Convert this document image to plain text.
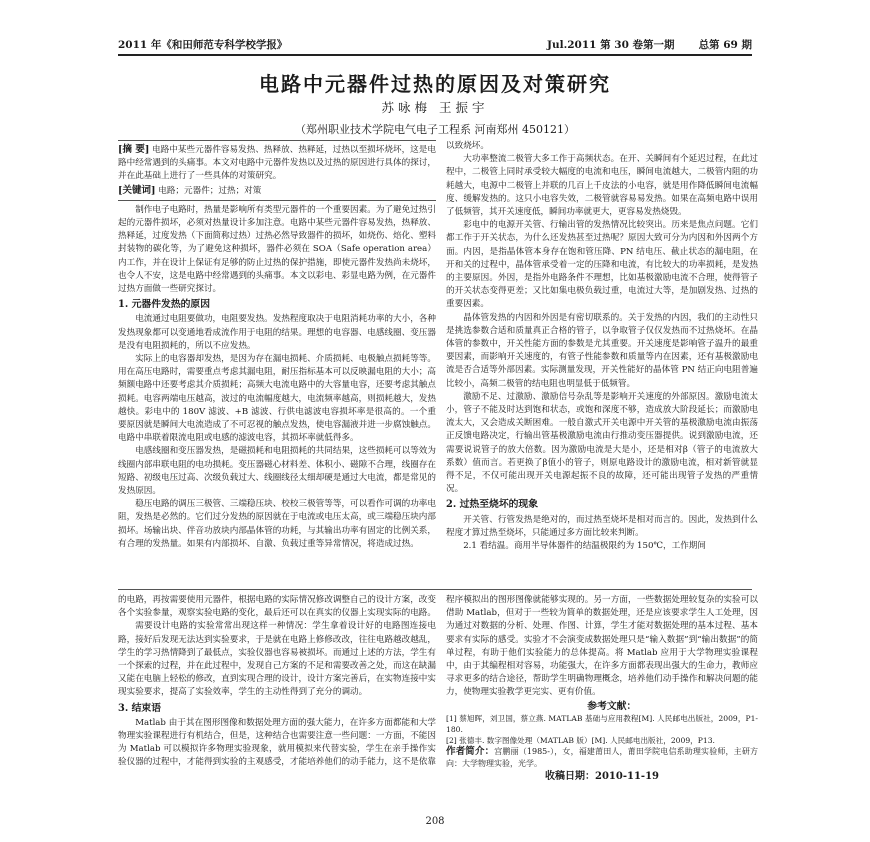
2011 年 《和田师范专科学校学报》	Jul.2011 第 30 卷第一期 总第 69 期
电路中元器件过热的原因及对策研究
苏咏梅 王振宇
（郑州职业技术学院电气电子工程系 河南郑州 450121）

[摘 要] 电路中某些元器件容易发热、热释放、热释延，过热以至损坏烧坏，这是电路中经常遇到的头痛事。本文对电路中元器件发热以及过热的原因进行具体的探讨，并在此基础上进行了一些具体的对策研究。

[关键词] 电路；元器件；过热；对策

制作电子电路时，热量是影响所有类型元器件的一个重要因素。为了避免过热引起的元器件损坏，必须对热量设计多加注意。电路中某些元器件容易发热，热释放、热释延，过度发热（下面简称过热）过热必然导致器件的损坏，如烧伤、焙化、塑料封装物的碳化等，为了避免这种损坏，器件必须在 SOA（Safe operation area）内工作，并在设计上保证有足够的防止过热的保护措施，即使元器件发热尚未烧坏，也令人不安，这是电路中经常遇到的头痛事。本文以彩电、彩显电路为例，在元器件过热方面做一些研究探讨。

1. 元器件发热的原因

电流通过电阻要做功，电阻要发热。发热程度取决于电阻消耗功率的大小，各种发热现象都可以变通地看成流作用于电阻的结果。理想的电容器、电感线圈、变压器是没有电阻损耗的，所以不应发热。

实际上的电容器却发热，是因为存在漏电损耗、介质损耗、电极触点损耗等等。用在高压电路时，需要重点考虑其漏电阻，耐压指标基本可以反映漏电阻的大小；高频额电路中还要考虑其介质损耗；高频大电流电路中的大容量电容，还要考虑其触点损耗。电容两端电压越高，波过的电流幅度越大，电流频率越高，则损耗越大，发热越快。彩电中的 180V 滤波、+B 滤波、行供电滤波电容损坏率是很高的。一个重要原因就是瞬间大电流造成了不可忍视的触点发热，使电容漏液并进一步腐蚀触点。电路中串联着限流电阻或电感的滤波电容，其损坏率就低得多。

电感线圈和变压器发热，是磁损耗和电阻损耗的共同结果，这些损耗可以等效为线圈内部串联电阻的电功损耗。变压器磁心材料差、体积小、磁隙不合理，线圈存在短路、初级电压过高、次级负载过大、线圈线径太细却硬是通过大电流，都是常见的发热原因。

稳压电路的调压三极管、三端稳压块、校校三极管等等，可以看作可调的功率电阻，发热是必然的。它们过分发热的原因就在于电流或电压太高，或三端稳压块内部损坏。场输出块、伴音功放块内部晶体管的功耗，与其输出功率有固定的比例关系，有合理的发热量。如果有内部损坏、自激、负载过重等异常情况，将造成过热。

以致烧坏。

大功率整流二极管大多工作于高频状态。在开、关瞬间有个延迟过程，在此过程中，二极管上同时承受较大幅度的电流和电压，瞬间电流越大，二极管内阻的功耗越大，电源中二极管上并联的几百上千皮法的小电容，就是用作降低瞬间电流幅度、缓解发热的。这只小电容失效，二极管就容易易发热。如果在高频电路中误用了低频管，其开关速度低，瞬间功率就更大，更容易发热烧毁。

彩电中的电源开关管、行输出管的发热情况比较突出。历来是焦点问题。它们都工作于开关状态，为什么还发热甚至过热呢？原因大致可分为内因和外因两个方面。内因，是指晶体管本身存在饱和管压降、PN 结电压、截止状态的漏电阻，在开和关的过程中，晶体管承受着一定的压降和电流，有比较大的功率损耗，是发热的主要原因。外因，是指外电路条件不理想，比如基极激励电流不合理，使得管子的开关状态变得更差；又比如集电极负载过重，电流过大等，是加剧发热、过热的重要因素。

晶体管发热的内因和外因是有密切联系的。关于发热的内因，我们的主动性只是挑选参数合适和质量真正合格的管子，以争取管子仅仅发热而不过热烧坏。在晶体管的参数中，开关性能方面的参数是尤其重要。开关速度是影响管子温升的最重要因素，而影响开关速度的，有管子性能参数和质量等内在因素，还有基极激励电流是否合适等外部因素。实际测量发现，开关性能好的晶体管 PN 结正向电阻普遍比较小，高频二极管的结电阻也明显低于低频管。

激励不足、过激励、激励信号杂乱等是影响开关速度的外部原因。激励电流太小，管子不能及时达到饱和状态，或饱和深度不够，造成放大阶段延长；而激励电流太大，又会造成关断困难。一般自激式开关电源中开关管的基极激励电流由振荡正反馈电路决定，行输出管基极激励电流由行推动变压器提供。说到激励电流，还需要说说管子的放大倍数。因为激励电流是大是小，还是相对β（管子的电流放大系数）值而言。若更换了β值小的管子，则原电路设计的激励电流，相对新管就显得不足，不仅可能出现开关电源起振不良的故障，还可能出现管子发热的严重情况。

2. 过热至烧坏的现象

开关管、行管发热是绝对的，而过热至烧坏是相对而言的。因此，发热到什么程度才算过热至烧坏，只能通过多方面比较来判断。

2.1 看结温。商用半导体器件的结温极限约为 150℃，工作期间

的电路，再按需要使用元器件，根据电路的实际情况修改调整自己的设计方案，改变各个实验参量，观察实验电路的变化，最后还可以在真实的仪器上实现实际的电路。

需要设计电路的实验常常出现这样一种情况：学生拿着设计好的电路图连接电路，接好后发现无法达到实验要求，于是就在电路上修修改改，往往电路越改越乱，学生的学习热情降到了最低点，实验仪器也容易被损坏。而通过上述的方法，学生有一个探索的过程，并在此过程中，发现自己方案的不足和需要改善之处，而这在缺漏又能在电脑上轻松的修改，直到实现合理的设计，设计方案完善后，在实物连接中实现实验要求，提高了实验效率，学生的主动性得到了充分的调动。

3. 结束语

Matlab 由于其在图形图像和数据处理方面的强大能力，在许多方面都能和大学物理实验课程进行有机结合，但是，这种结合也需要注意一些问题：一方面，不能因为 Matlab 可以模拟许多物理实验现象，就用模拟来代替实验，学生在亲手操作实验仪器的过程中，才能得到实验的主观感受，才能培养他们的动手能力，这不是依靠

程序模拟出的图形图像就能够实现的。另一方面，一些数据处理较复杂的实验可以借助 Matlab，但对于一些较为简单的数据处理，还是应该要求学生人工处理，因为通过对数据的分析、处理、作图、计算，学生才能对数据处理的基本过程、基本要求有实际的感受。实验才不会演变成数据处理只是“输入数据”到“输出数据”的简单过程，有助于他们实验能力的总体提高。将 Matlab 应用于大学物理实验课程中，由于其编程相对容易，功能强大，在许多方面都表现出强大的生命力，教师应寻求更多的结合途径，帮助学生明确物理概念，培养他们动手操作和解决问题的能力，使物理实验教学更完实、更有价值。

参考文献：

[1] 蔡旭晖，刘卫国，蔡立燕. MATLAB 基础与应用教程[M]. 人民邮电出版社，2009，P1-180.

[2] 张德丰. 数字图像处理（MATLAB 版）[M]. 人民邮电出版社，2009，P13.

作者简介：宫鹏丽（1985-），女，福建莆田人，莆田学院电信系助理实验师，主研方向：大学物理实验，光学。

收稿日期：2010-11-19

208
